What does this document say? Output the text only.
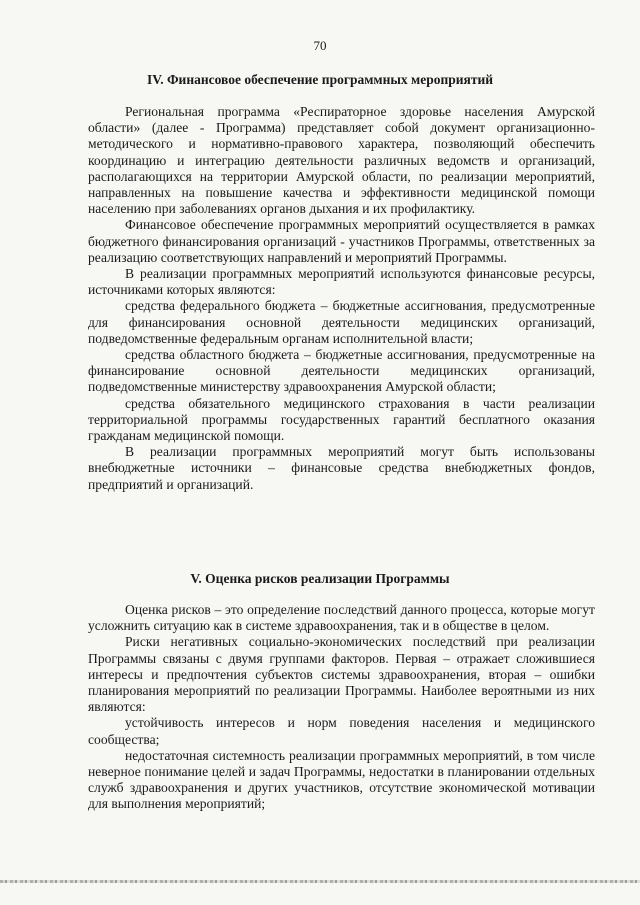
70
IV. Финансовое обеспечение программных мероприятий

Региональная программа «Респираторное здоровье населения Амурской области» (далее - Программа) представляет собой документ организационно-методического и нормативно-правового характера, позволяющий обеспечить координацию и интеграцию деятельности различных ведомств и организаций, располагающихся на территории Амурской области, по реализации мероприятий, направленных на повышение качества и эффективности медицинской помощи населению при заболеваниях органов дыхания и их профилактику.

Финансовое обеспечение программных мероприятий осуществляется в рамках бюджетного финансирования организаций - участников Программы, ответственных за реализацию соответствующих направлений и мероприятий Программы.

В реализации программных мероприятий используются финансовые ресурсы, источниками которых являются:

средства федерального бюджета – бюджетные ассигнования, предусмотренные для финансирования основной деятельности медицинских организаций, подведомственные федеральным органам исполнительной власти;

средства областного бюджета – бюджетные ассигнования, предусмотренные на финансирование основной деятельности медицинских организаций, подведомственные министерству здравоохранения Амурской области;

средства обязательного медицинского страхования в части реализации территориальной программы государственных гарантий бесплатного оказания гражданам медицинской помощи.

В реализации программных мероприятий могут быть использованы внебюджетные источники – финансовые средства внебюджетных фондов, предприятий и организаций.

V. Оценка рисков реализации Программы

Оценка рисков – это определение последствий данного процесса, которые могут усложнить ситуацию как в системе здравоохранения, так и в обществе в целом.

Риски негативных социально-экономических последствий при реализации Программы связаны с двумя группами факторов. Первая – отражает сложившиеся интересы и предпочтения субъектов системы здравоохранения, вторая – ошибки планирования мероприятий по реализации Программы. Наиболее вероятными из них являются:

устойчивость интересов и норм поведения населения и медицинского сообщества;

недостаточная системность реализации программных мероприятий, в том числе неверное понимание целей и задач Программы, недостатки в планировании отдельных служб здравоохранения и других участников, отсутствие экономической мотивации для выполнения мероприятий;
